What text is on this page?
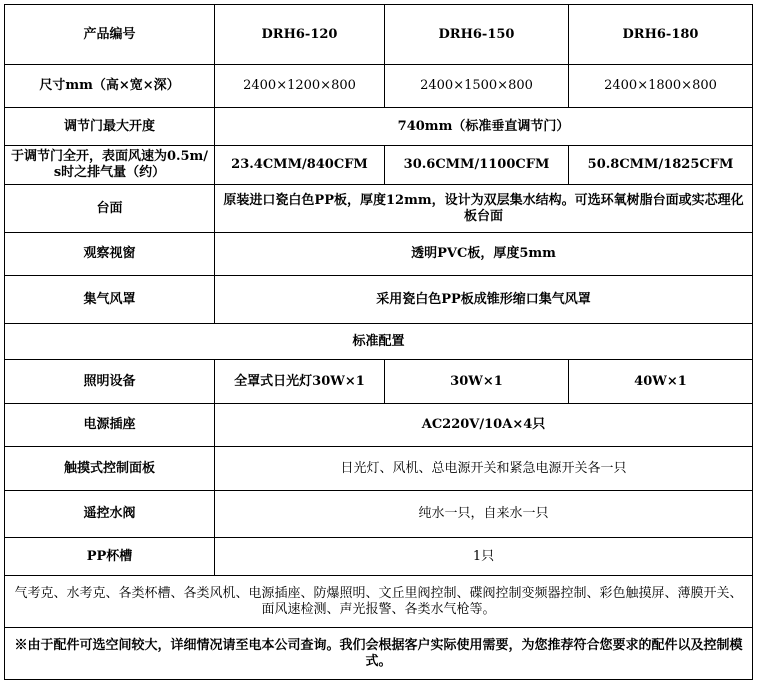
产品编号	DRH6-120	DRH6-150	DRH6-180
尺寸mm（高×宽×深）	2400×1200×800	2400×1500×800	2400×1800×800
调节门最大开度	740mm（标准垂直调节门）		
于调节门全开，表面风速为0.5m/s时之排气量（约）	23.4CMM/840CFM	30.6CMM/1100CFM	50.8CMM/1825CFM
台面	原装进口瓷白色PP板，厚度12mm，设计为双层集水结构。可选环氧树脂台面或实芯理化板台面		
观察视窗	透明PVC板，厚度5mm		
集气风罩	采用瓷白色PP板成锥形缩口集气风罩		
标准配置			
照明设备	全罩式日光灯30W×1	30W×1	40W×1
电源插座	AC220V/10A×4只		
触摸式控制面板	日光灯、风机、总电源开关和紧急电源开关各一只		
遥控水阀	纯水一只，自来水一只		
PP杯槽	1只		
气考克、水考克、各类杯槽、各类风机、电源插座、防爆照明、文丘里阀控制、碟阀控制变频器控制、彩色触摸屏、薄膜开关、面风速检测、声光报警、各类水气枪等。			
※由于配件可选空间较大，详细情况请至电本公司查询。我们会根据客户实际使用需要，为您推荐符合您要求的配件以及控制模式。			
